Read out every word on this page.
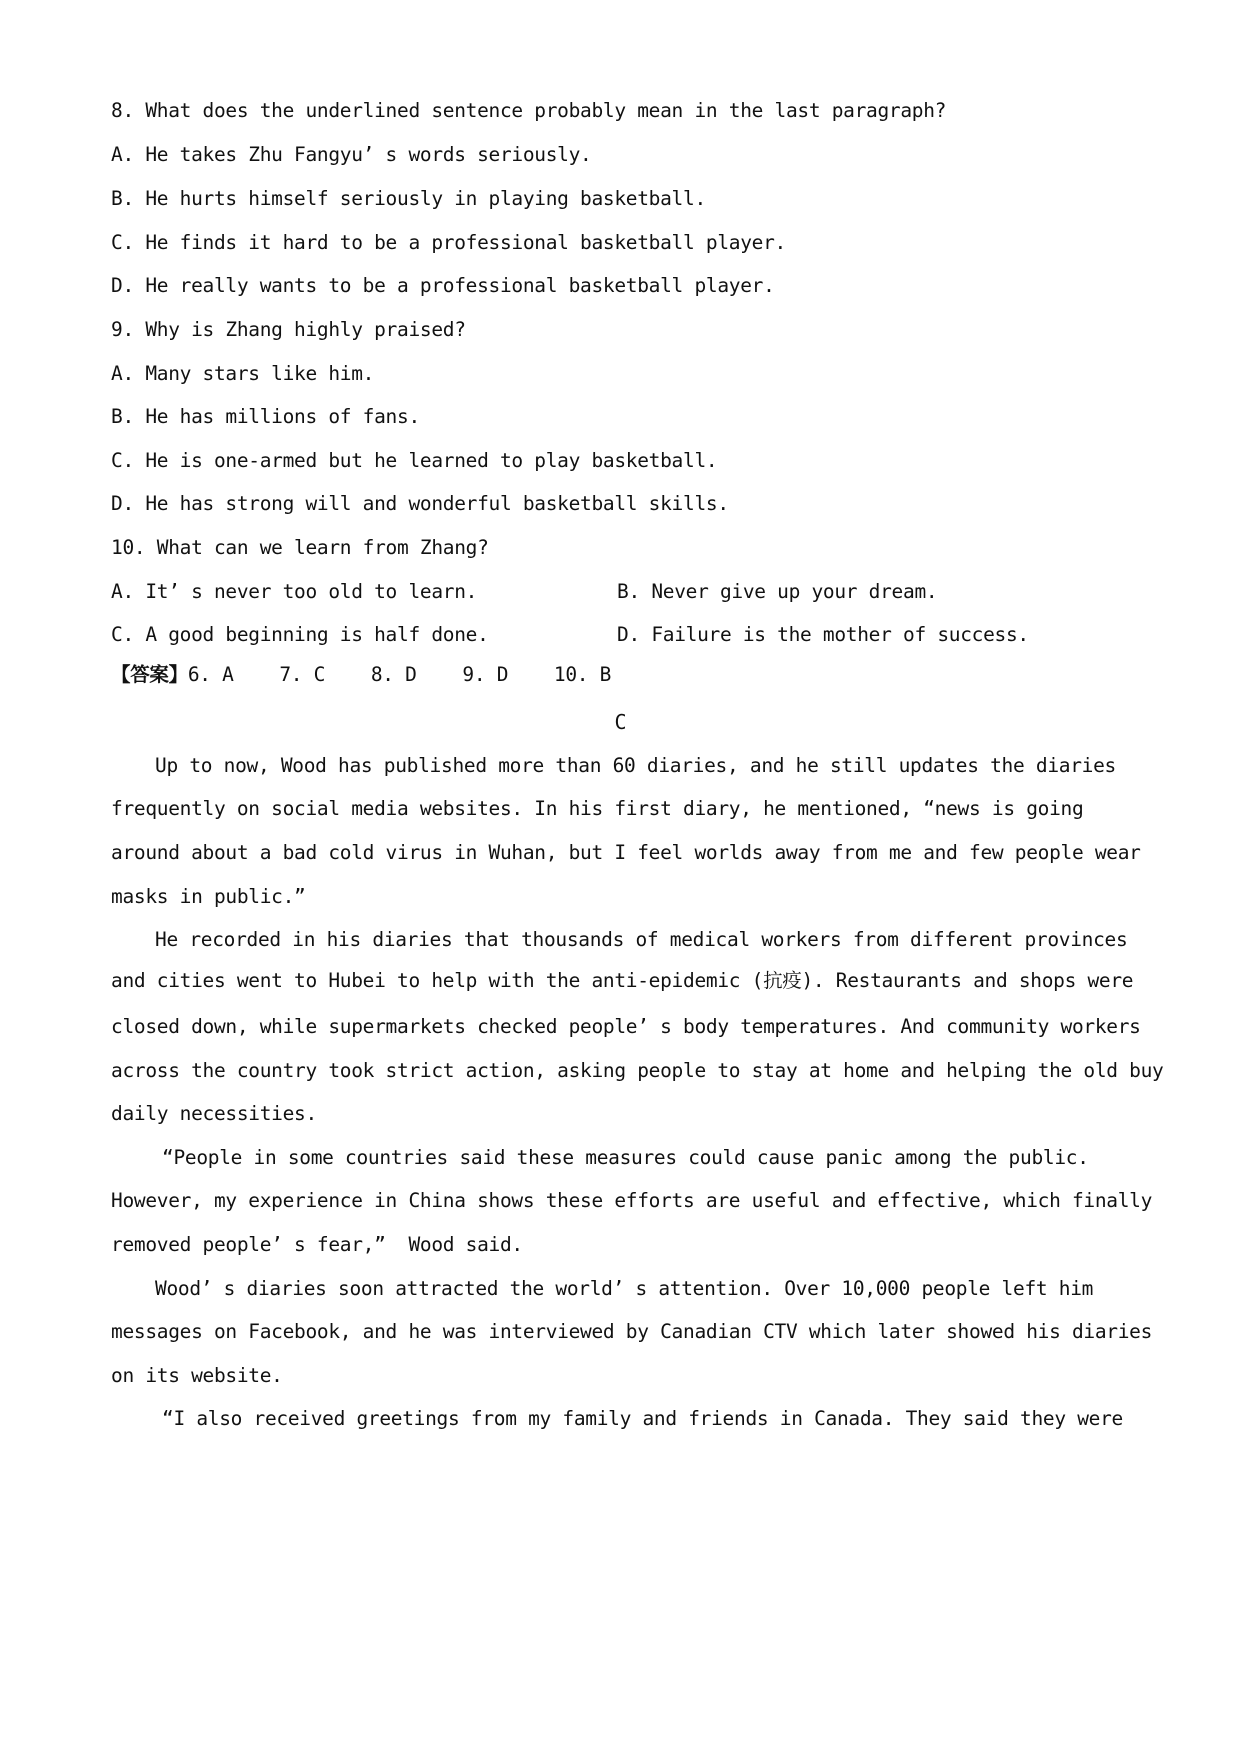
8. What does the underlined sentence probably mean in the last paragraph?
A. He takes Zhu Fangyu’ s words seriously.
B. He hurts himself seriously in playing basketball.
C. He finds it hard to be a professional basketball player.
D. He really wants to be a professional basketball player.
9. Why is Zhang highly praised?
A. Many stars like him.
B. He has millions of fans.
C. He is one-armed but he learned to play basketball.
D. He has strong will and wonderful basketball skills.
10. What can we learn from Zhang?
A. It’ s never too old to learn.	B. Never give up your dream.
C. A good beginning is half done.	D. Failure is the mother of success.
【答案】6. A    7. C    8. D    9. D    10. B
C
Up to now, Wood has published more than 60 diaries, and he still updates the diaries
frequently on social media websites. In his first diary, he mentioned, “news is going
around about a bad cold virus in Wuhan, but I feel worlds away from me and few people wear
masks in public.”
He recorded in his diaries that thousands of medical workers from different provinces
and cities went to Hubei to help with the anti-epidemic (抗疫). Restaurants and shops were
closed down, while supermarkets checked people’ s body temperatures. And community workers
across the country took strict action, asking people to stay at home and helping the old buy
daily necessities.
“People in some countries said these measures could cause panic among the public.
However, my experience in China shows these efforts are useful and effective, which finally
removed people’ s fear,”  Wood said.
Wood’ s diaries soon attracted the world’ s attention. Over 10,000 people left him
messages on Facebook, and he was interviewed by Canadian CTV which later showed his diaries
on its website.
“I also received greetings from my family and friends in Canada. They said they were
